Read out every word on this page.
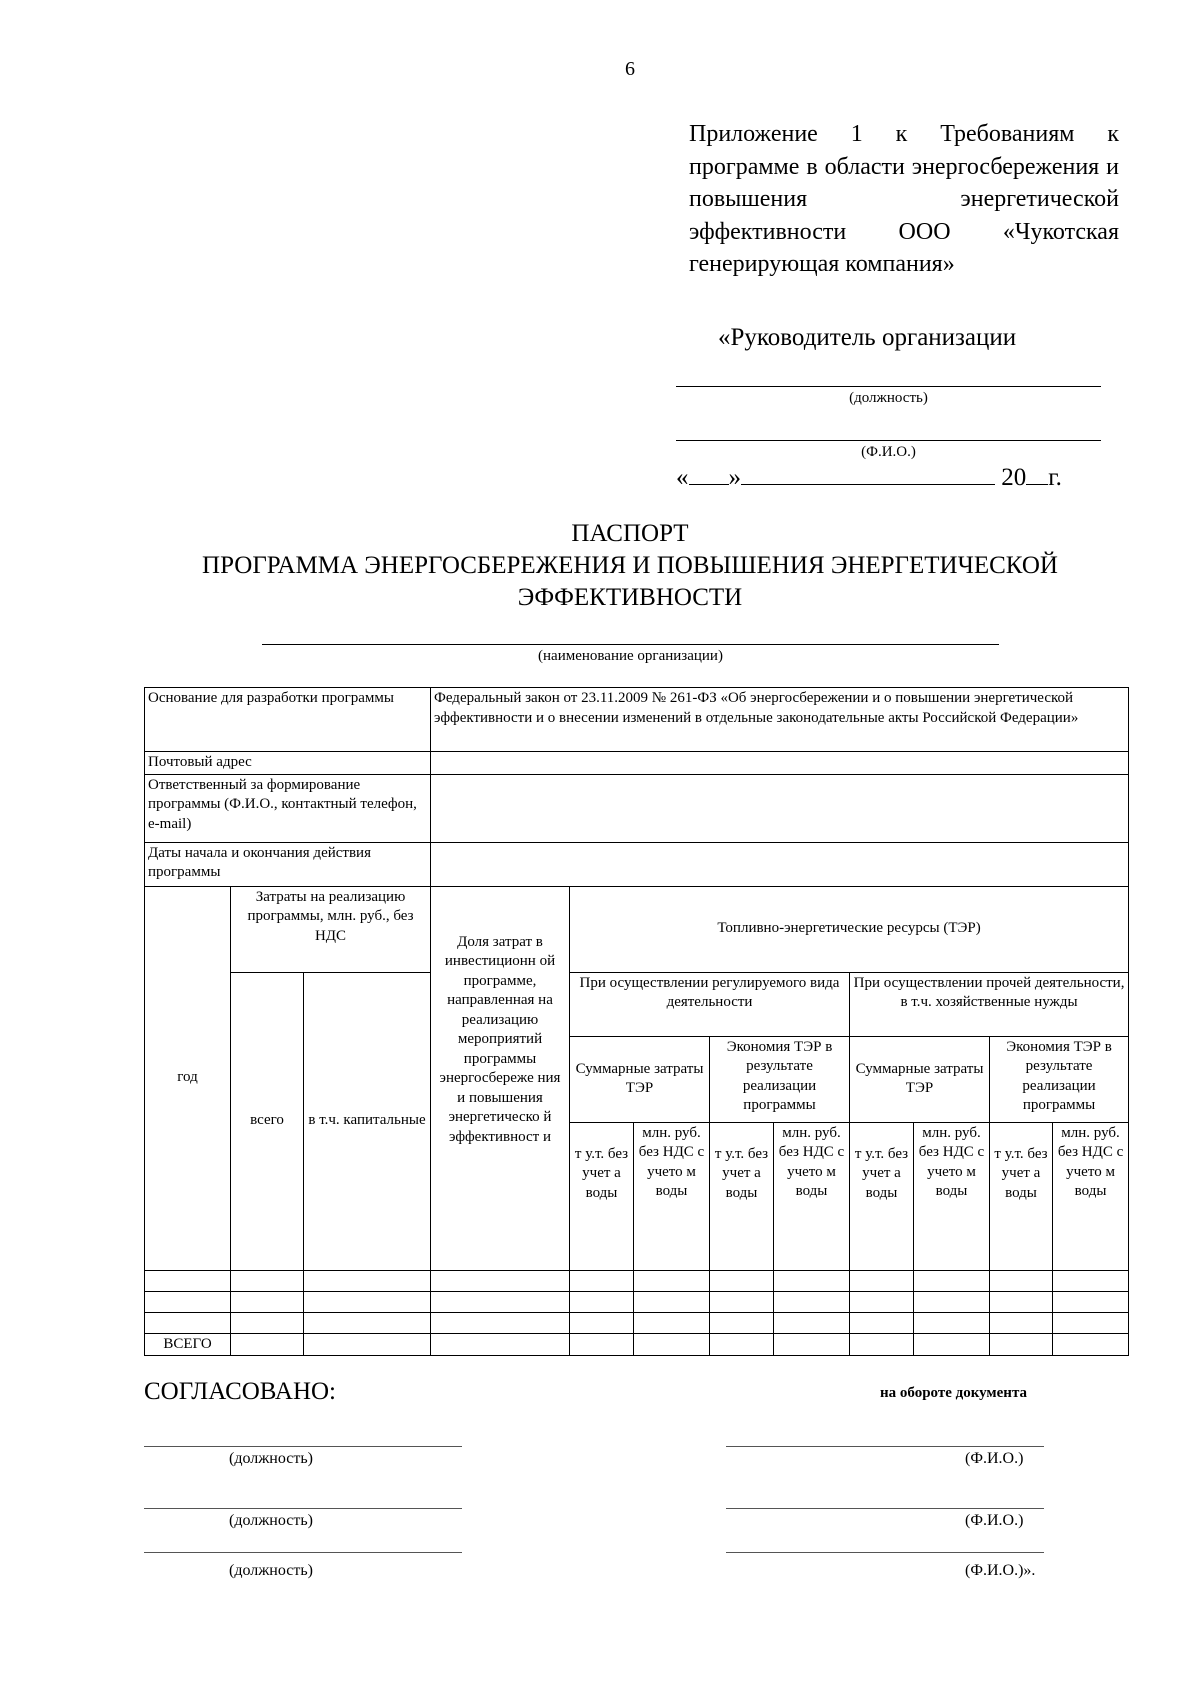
6
Приложение 1 к Требованиям к программе в области энергосбережения и повышения энергетической эффективности ООО «Чукотская генерирующая компания»
«Руководитель организации
(должность)
(Ф.И.О.)
« »	20 г.
ПАСПОРТ
ПРОГРАММА ЭНЕРГОСБЕРЕЖЕНИЯ И ПОВЫШЕНИЯ ЭНЕРГЕТИЧЕСКОЙ
ЭФФЕКТИВНОСТИ
(наименование организации)
Основание для разработки программы			Федеральный закон от 23.11.2009 № 261-ФЗ «Об энергосбережении и о повышении энергетической эффективности и о внесении изменений в отдельные законодательные акты Российской Федерации»								
Почтовый адрес											
Ответственный за формирование программы (Ф.И.О., контактный телефон, e-mail)											
Даты начала и окончания действия программы											
год	Затраты на реализацию программы, млн. руб., без НДС		Доля затрат в инвестиционн ой программе, направленная на реализацию мероприятий программы энергосбереже ния и повышения энергетическо й эффективност и	Топливно-энергетические ресурсы (ТЭР)							
	всего	в т.ч. капитальные		При осуществлении регулируемого вида деятельности				При осуществлении прочей деятельности, в т.ч. хозяйственные нужды			
				Суммарные затраты ТЭР		Экономия ТЭР в результате реализации программы		Суммарные затраты ТЭР		Экономия ТЭР в результате реализации программы	
				т у.т. без учет а воды	млн. руб. без НДС с учето м воды	т у.т. без учет а воды	млн. руб. без НДС с учето м воды	т у.т. без учет а воды	млн. руб. без НДС с учето м воды	т у.т. без учет а воды	млн. руб. без НДС с учето м воды

ВСЕГО											
СОГЛАСОВАНО:	на обороте документа
(должность)	(Ф.И.О.)
(должность)	(Ф.И.О.)
(должность)	(Ф.И.О.)».
